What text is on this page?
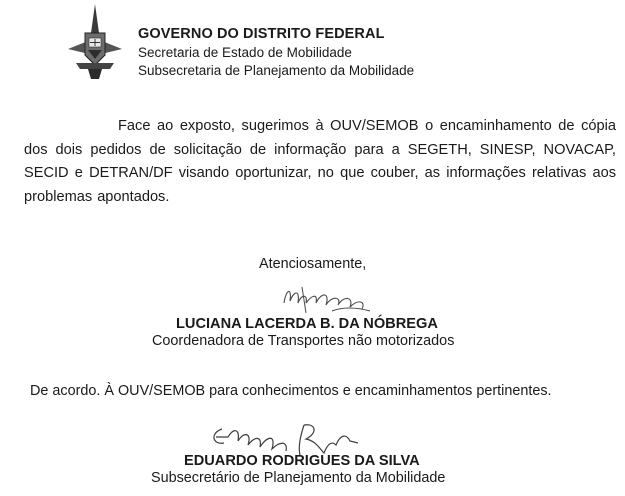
GOVERNO DO DISTRITO FEDERAL
Secretaria de Estado de Mobilidade
Subsecretaria de Planejamento da Mobilidade
Face ao exposto, sugerimos à OUV/SEMOB o encaminhamento de cópia dos dois pedidos de solicitação de informação para a SEGETH, SINESP, NOVACAP, SECID e DETRAN/DF visando oportunizar, no que couber, as informações relativas aos problemas apontados.
Atenciosamente,
LUCIANA LACERDA B. DA NÓBREGA
Coordenadora de Transportes não motorizados
De acordo. À OUV/SEMOB para conhecimentos e encaminhamentos pertinentes.
EDUARDO RODRIGUES DA SILVA
Subsecretário de Planejamento da Mobilidade
